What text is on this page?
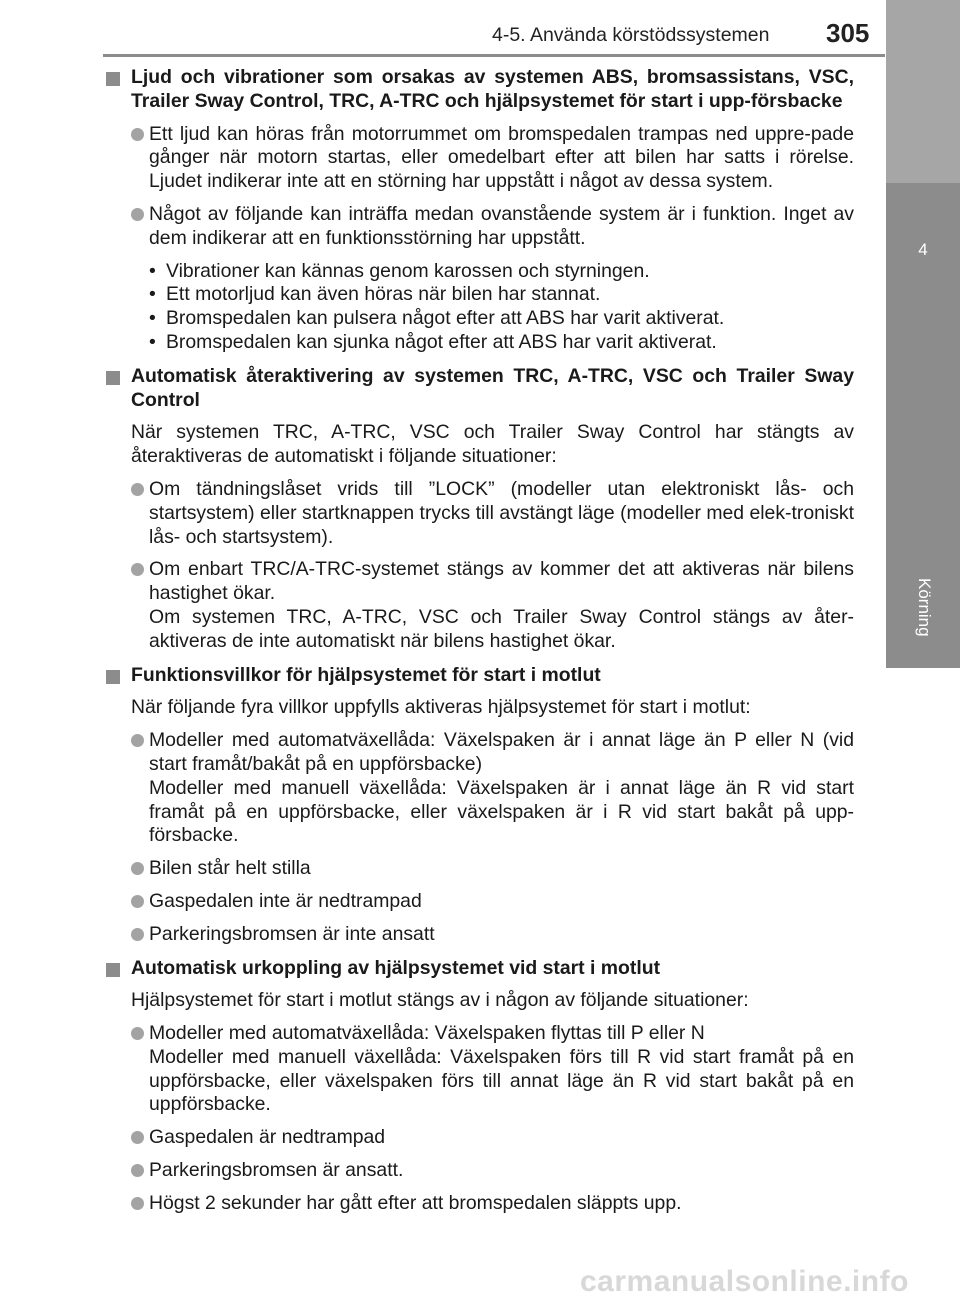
4-5. Använda körstödssystemen	305
4
Körning
Ljud och vibrationer som orsakas av systemen ABS, bromsassistans, VSC, Trailer Sway Control, TRC, A-TRC och hjälpsystemet för start i upp-försbacke
Ett ljud kan höras från motorrummet om bromspedalen trampas ned uppre-pade gånger när motorn startas, eller omedelbart efter att bilen har satts i rörelse. Ljudet indikerar inte att en störning har uppstått i något av dessa system.
Något av följande kan inträffa medan ovanstående system är i funktion. Inget av dem indikerar att en funktionsstörning har uppstått.
• Vibrationer kan kännas genom karossen och styrningen.
• Ett motorljud kan även höras när bilen har stannat.
• Bromspedalen kan pulsera något efter att ABS har varit aktiverat.
• Bromspedalen kan sjunka något efter att ABS har varit aktiverat.
Automatisk återaktivering av systemen TRC, A-TRC, VSC och Trailer Sway Control
När systemen TRC, A-TRC, VSC och Trailer Sway Control har stängts av återaktiveras de automatiskt i följande situationer:
Om tändningslåset vrids till ”LOCK” (modeller utan elektroniskt lås- och startsystem) eller startknappen trycks till avstängt läge (modeller med elek-troniskt lås- och startsystem).
Om enbart TRC/A-TRC-systemet stängs av kommer det att aktiveras när bilens hastighet ökar.
Om systemen TRC, A-TRC, VSC och Trailer Sway Control stängs av åter-aktiveras de inte automatiskt när bilens hastighet ökar.
Funktionsvillkor för hjälpsystemet för start i motlut
När följande fyra villkor uppfylls aktiveras hjälpsystemet för start i motlut:
Modeller med automatväxellåda: Växelspaken är i annat läge än P eller N (vid start framåt/bakåt på en uppförsbacke)
Modeller med manuell växellåda: Växelspaken är i annat läge än R vid start framåt på en uppförsbacke, eller växelspaken är i R vid start bakåt på upp-försbacke.
Bilen står helt stilla
Gaspedalen inte är nedtrampad
Parkeringsbromsen är inte ansatt
Automatisk urkoppling av hjälpsystemet vid start i motlut
Hjälpsystemet för start i motlut stängs av i någon av följande situationer:
Modeller med automatväxellåda: Växelspaken flyttas till P eller N
Modeller med manuell växellåda: Växelspaken förs till R vid start framåt på en uppförsbacke, eller växelspaken förs till annat läge än R vid start bakåt på en uppförsbacke.
Gaspedalen är nedtrampad
Parkeringsbromsen är ansatt.
Högst 2 sekunder har gått efter att bromspedalen släppts upp.
carmanualsonline.info
